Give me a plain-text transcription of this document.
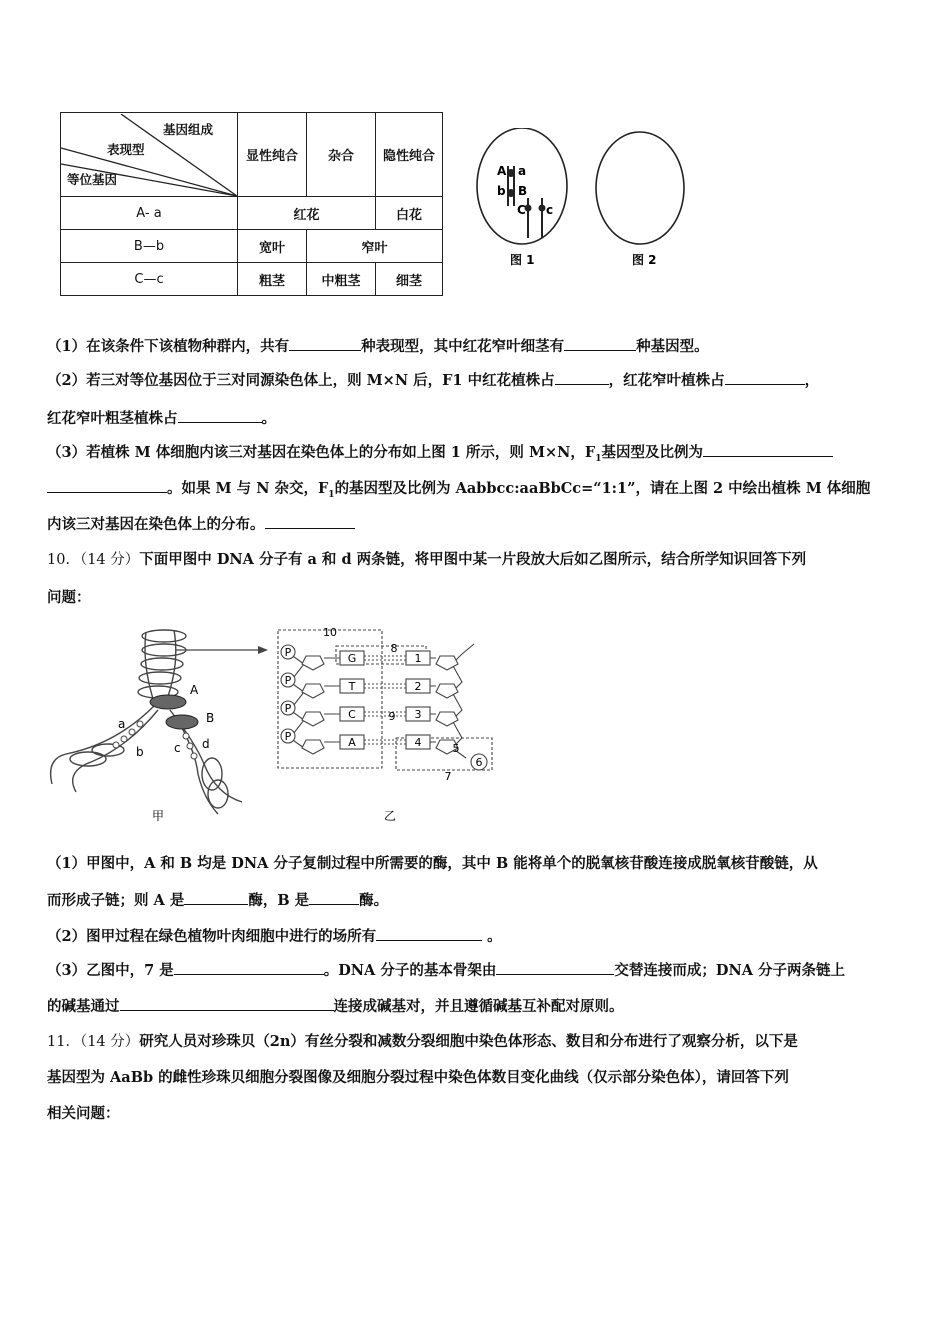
基因组成
表现型
等位基因	显性纯合	杂合	隐性纯合
A- a	红花		白花
B—b	宽叶	窄叶	
C—c	粗茎	中粗茎	细茎
A a
b B
C c
图 1	图 2
（1）在该条件下该植物种群内，共有	种表现型，其中红花窄叶细茎有	种基因型。
（2）若三对等位基因位于三对同源染色体上，则 M×N 后，F1 中红花植株占	，红花窄叶植株占	，
红花窄叶粗茎植株占	。
（3）若植株 M 体细胞内该三对基因在染色体上的分布如上图 1 所示，则 M×N，$F_1$基因型及比例为
。如果 M 与 N 杂交，$F_1$的基因型及比例为 Aabbcc:aaBbCc=“1:1”，请在上图 2 中绘出植株 M 体细胞
内该三对基因在染色体上的分布。
10．（14 分）下面甲图中 DNA 分子有 a 和 d 两条链，将甲图中某一片段放大后如乙图所示，结合所学知识回答下列
问题：
A
B
a
b	c d
甲
P
P
P
P
G
T
C
A
1
2
3
4
10
8
9
7
5
6
乙
（1）甲图中，A 和 B 均是 DNA 分子复制过程中所需要的酶，其中 B 能将单个的脱氧核苷酸连接成脱氧核苷酸链，从
而形成子链；则 A 是	酶，B 是	酶。
（2）图甲过程在绿色植物叶肉细胞中进行的场所有	。
（3）乙图中，7 是	。DNA 分子的基本骨架由	交替连接而成；DNA 分子两条链上
的碱基通过	连接成碱基对，并且遵循碱基互补配对原则。
11．（14 分）研究人员对珍珠贝（2n）有丝分裂和减数分裂细胞中染色体形态、数目和分布进行了观察分析，以下是
基因型为 AaBb 的雌性珍珠贝细胞分裂图像及细胞分裂过程中染色体数目变化曲线（仅示部分染色体），请回答下列
相关问题：
